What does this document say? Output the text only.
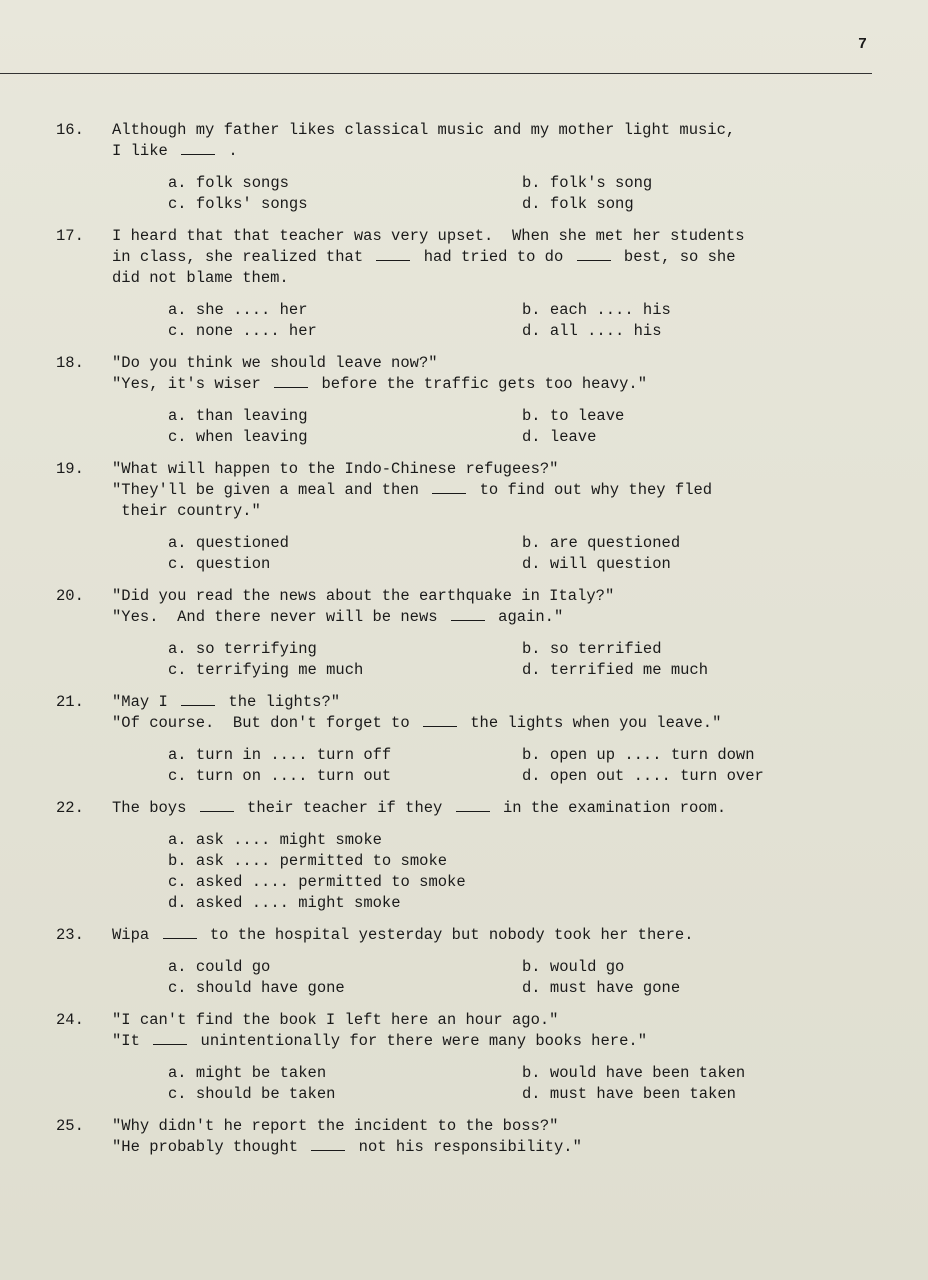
7
16.	Although my father likes classical music and my mother light music,
I like	.
a. folk songs	b. folk's song
c. folks' songs	d. folk song
17.	I heard that that teacher was very upset.  When she met her students
in class, she realized that	had tried to do	best, so she
did not blame them.
a. she .... her	b. each .... his
c. none .... her	d. all .... his
18.	"Do you think we should leave now?"
"Yes, it's wiser	before the traffic gets too heavy."
a. than leaving	b. to leave
c. when leaving	d. leave
19.	"What will happen to the Indo-Chinese refugees?"
"They'll be given a meal and then	to find out why they fled
their country."
a. questioned	b. are questioned
c. question	d. will question
20.	"Did you read the news about the earthquake in Italy?"
"Yes.  And there never will be news	again."
a. so terrifying	b. so terrified
c. terrifying me much	d. terrified me much
21.	"May I	the lights?"
"Of course.  But don't forget to	the lights when you leave."
a. turn in .... turn off	b. open up .... turn down
c. turn on .... turn out	d. open out .... turn over
22.	The boys	their teacher if they	in the examination room.
a. ask .... might smoke
b. ask .... permitted to smoke
c. asked .... permitted to smoke
d. asked .... might smoke
23.	Wipa	to the hospital yesterday but nobody took her there.
a. could go	b. would go
c. should have gone	d. must have gone
24.	"I can't find the book I left here an hour ago."
"It	unintentionally for there were many books here."
a. might be taken	b. would have been taken
c. should be taken	d. must have been taken
25.	"Why didn't he report the incident to the boss?"
"He probably thought	not his responsibility."
